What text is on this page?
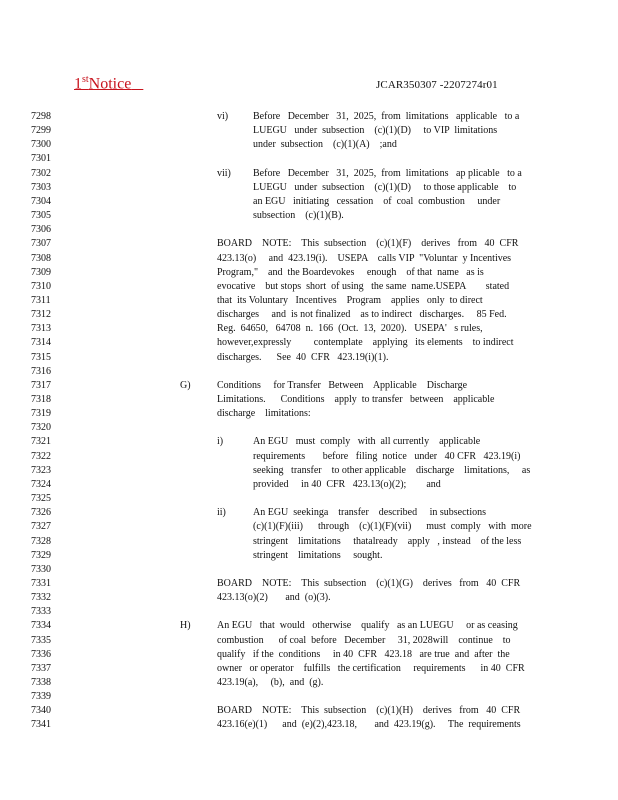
1stNotice	JCAR350307 -2207274r01
7298
7299
7300
7301
7302
7303
7304
7305
7306
7307
7308
7309
7310
7311
7312
7313
7314
7315
7316
7317
7318
7319
7320
7321
7322
7323
7324
7325
7326
7327
7328
7329
7330
7331
7332
7333
7334
7335
7336
7337
7338
7339
7340
7341
vi) Before   December   31,  2025,  from  limitations   applicable   to a
LUEGU   under  subsection    (c)(1)(D)     to VIP  limitations
under  subsection    (c)(1)(A)    ;and
vii) Before   December   31,  2025,  from  limitations   ap plicable   to a
LUEGU   under  subsection    (c)(1)(D)     to those applicable    to
an EGU   initiating   cessation    of  coal  combustion     under
subsection    (c)(1)(B).
BOARD    NOTE:    This  subsection    (c)(1)(F)    derives   from   40  CFR
423.13(o)     and  423.19(i).    USEPA    calls VIP  "Voluntar  y Incentives
Program,"    and  the Boardevokes     enough    of that  name   as is
evocative    but stops  short  of using   the same  name.USEPA        stated
that  its Voluntary   Incentives    Program    applies   only  to direct
discharges     and  is not finalized    as to indirect   discharges.     85 Fed.
Reg.  64650,   64708  n.  166  (Oct.  13,  2020).   USEPA'   s rules,
however,expressly         contemplate    applying   its elements    to indirect
discharges.      See  40  CFR   423.19(i)(1).
G)	Conditions     for Transfer   Between    Applicable    Discharge
Limitations.      Conditions    apply  to transfer   between    applicable
discharge    limitations:
i)	An EGU   must  comply   with  all currently    applicable
requirements       before   filing  notice   under   40 CFR   423.19(i)
seeking   transfer    to other applicable    discharge    limitations,     as
provided     in 40  CFR   423.13(o)(2);        and
ii)	An EGU  seekinga    transfer    described     in subsections
(c)(1)(F)(iii)      through    (c)(1)(F)(vii)      must  comply   with  more
stringent    limitations     thatalready    apply   , instead    of the less
stringent    limitations     sought.
BOARD    NOTE:    This  subsection    (c)(1)(G)    derives   from   40  CFR
423.13(o)(2)       and  (o)(3).
H)	An EGU   that  would   otherwise    qualify   as an LUEGU     or as ceasing
combustion      of coal  before   December     31, 2028will    continue    to
qualify   if the  conditions     in 40  CFR   423.18   are true  and  after  the
owner   or operator    fulfills   the certification     requirements      in 40  CFR
423.19(a),     (b),  and  (g).
BOARD    NOTE:    This  subsection    (c)(1)(H)    derives   from   40  CFR
423.16(e)(1)      and  (e)(2),423.18,       and  423.19(g).     The  requirements
